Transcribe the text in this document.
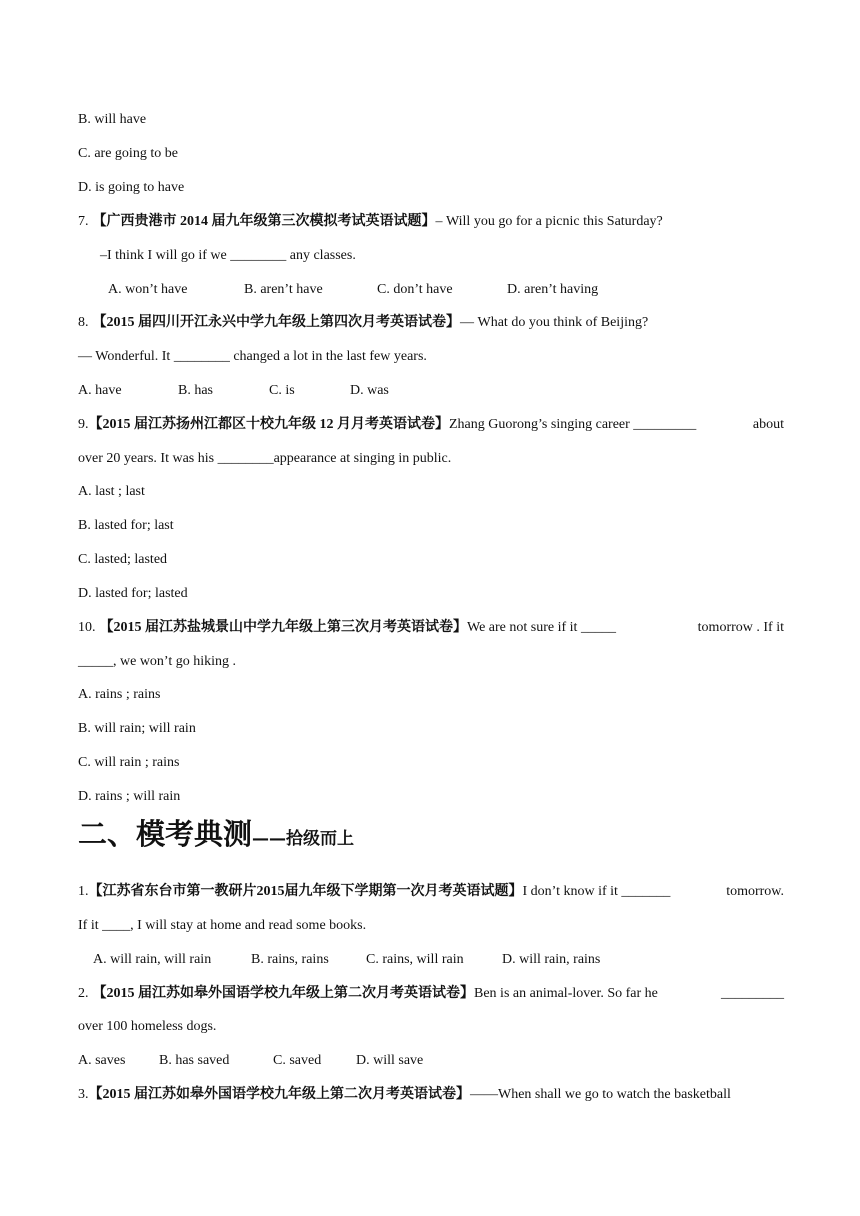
B. will have
C. are going to be
D. is going to have
7. 【广西贵港市 2014 届九年级第三次模拟考试英语试题】– Will you go for a picnic this Saturday?
–I think I will go if we ________ any classes.
A. won’t have	B. aren’t have	C. don’t have	D. aren’t having
8. 【2015 届四川开江永兴中学九年级上第四次月考英语试卷】— What do you think of Beijing?
— Wonderful. It ________ changed a lot in the last few years.
A. have	B. has	C. is	D. was
9.【2015 届江苏扬州江都区十校九年级 12 月月考英语试卷】Zhang Guorong’s singing career _________	about
over 20 years. It was his ________appearance at singing in public.
A. last ; last
B. lasted for; last
C. lasted; lasted
D. lasted for; lasted
10. 【2015 届江苏盐城景山中学九年级上第三次月考英语试卷】We are not sure if it _____	tomorrow . If it
_____, we won’t go hiking .
A. rains ; rains
B. will rain; will rain
C. will rain ; rains
D. rains ; will rain
二、模考典测——拾级而上
1.【江苏省东台市第一教研片2015届九年级下学期第一次月考英语试题】I don’t know if it _______	tomorrow.
If it ____, I will stay at home and read some books.
A. will rain, will rain	B. rains, rains	C. rains, will rain	D. will rain, rains
2. 【2015 届江苏如皋外国语学校九年级上第二次月考英语试卷】Ben is an animal-lover. So far he	_________
over 100 homeless dogs.
A. saves B. has saved	C. saved D. will save
3.【2015 届江苏如皋外国语学校九年级上第二次月考英语试卷】——When shall we go to watch the basketball
